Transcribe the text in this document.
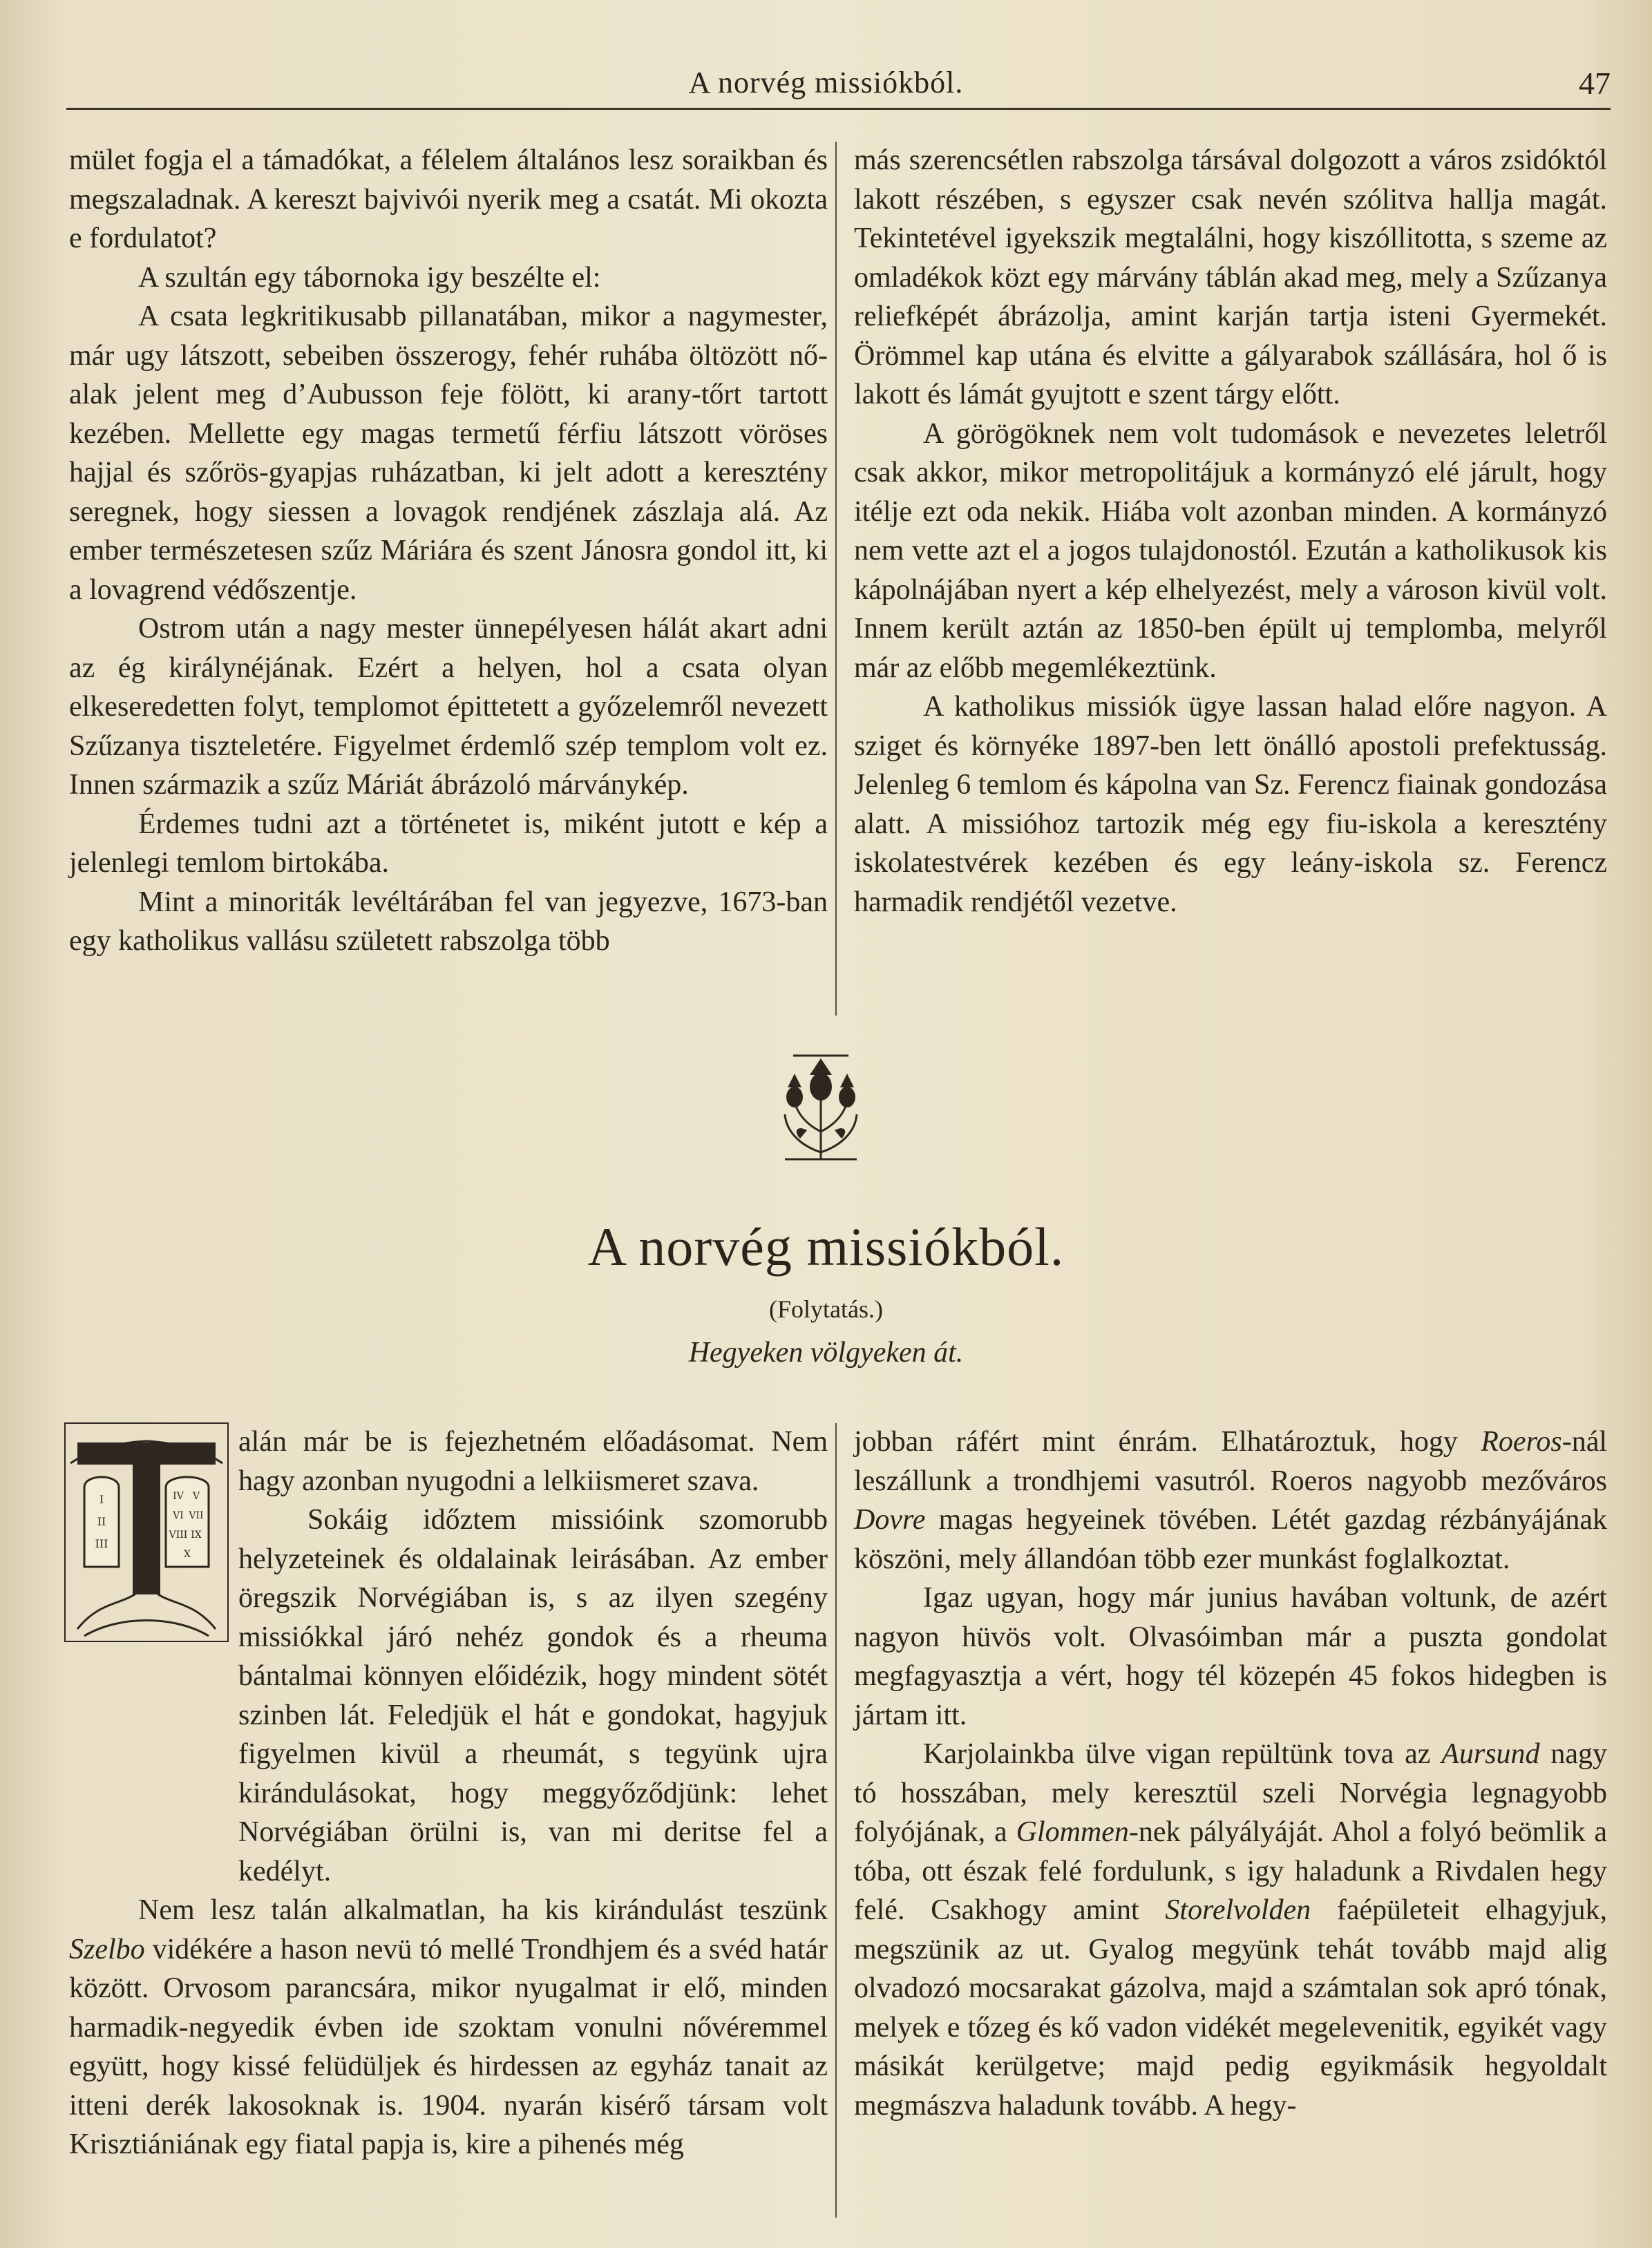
A norvég missiókból.	47

mület fogja el a támadókat, a félelem általános lesz soraikban és megszaladnak. A kereszt bajvivói nyerik meg a csatát. Mi okozta e fordulatot?

A szultán egy tábornoka igy beszélte el:

A csata legkritikusabb pillanatában, mikor a nagymester, már ugy látszott, sebeiben összerogy, fehér ruhába öltözött nő-alak jelent meg d’Aubusson feje fölött, ki arany-tőrt tartott kezében. Mellette egy magas termetű férfiu látszott vöröses hajjal és szőrös-gyapjas ruházatban, ki jelt adott a keresztény seregnek, hogy siessen a lovagok rendjének zászlaja alá. Az ember természetesen szűz Máriára és szent Jánosra gondol itt, ki a lovagrend védőszentje.

Ostrom után a nagy mester ünnepélyesen hálát akart adni az ég királynéjának. Ezért a helyen, hol a csata olyan elkeseredetten folyt, templomot épittetett a győzelemről nevezett Szűzanya tiszteletére. Figyelmet érdemlő szép templom volt ez. Innen származik a szűz Máriát ábrázoló márványkép.

Érdemes tudni azt a történetet is, miként jutott e kép a jelenlegi temlom birtokába.

Mint a minoriták levéltárában fel van jegyezve, 1673-ban egy katholikus vallásu született rabszolga több

más szerencsétlen rabszolga társával dolgozott a város zsidóktól lakott részében, s egyszer csak nevén szólitva hallja magát. Tekintetével igyekszik megtalálni, hogy kiszóllitotta, s szeme az omladékok közt egy márvány táblán akad meg, mely a Szűzanya reliefképét ábrázolja, amint karján tartja isteni Gyermekét. Örömmel kap utána és elvitte a gályarabok szállására, hol ő is lakott és lámát gyujtott e szent tárgy előtt.

A görögöknek nem volt tudomások e nevezetes leletről csak akkor, mikor metropolitájuk a kormányzó elé járult, hogy itélje ezt oda nekik. Hiába volt azonban minden. A kormányzó nem vette azt el a jogos tulajdonostól. Ezután a katholikusok kis kápolnájában nyert a kép elhelyezést, mely a városon kivül volt. Innem került aztán az 1850-ben épült uj templomba, melyről már az előbb megemlékeztünk.

A katholikus missiók ügye lassan halad előre nagyon. A sziget és környéke 1897-ben lett önálló apostoli prefektusság. Jelenleg 6 temlom és kápolna van Sz. Ferencz fiainak gondozása alatt. A missióhoz tartozik még egy fiu-iskola a keresztény iskolatestvérek kezében és egy leány-iskola sz. Ferencz harmadik rendjétől vezetve.

A norvég missiókból.
(Folytatás.)
Hegyeken völgyeken át.
I
II
III
IV V
VI VII
VIII IX
X
T	alán már be is fejezhetném előadásomat. Nem hagy azonban nyugodni a lelkiismeret szava.

Sokáig időztem missióink szomorubb helyzeteinek és oldalainak leirásában. Az ember öregszik Norvégiában is, s az ilyen szegény missiókkal járó nehéz gondok és a rheuma bántalmai könnyen előidézik, hogy mindent sötét szinben lát. Feledjük el hát e gondokat, hagyjuk figyelmen kivül a rheumát, s tegyünk ujra kirándulásokat, hogy meggyőződjünk: lehet Norvégiában örülni is, van mi deritse fel a kedélyt.

Nem lesz talán alkalmatlan, ha kis kirándulást teszünk Szelbo vidékére a hason nevü tó mellé Trondhjem és a svéd határ között. Orvosom parancsára, mikor nyugalmat ir elő, minden harmadik-negyedik évben ide szoktam vonulni nővéremmel együtt, hogy kissé felüdüljek és hirdessen az egyház tanait az itteni derék lakosoknak is. 1904. nyarán kisérő társam volt Krisztiániának egy fiatal papja is, kire a pihenés még

jobban ráfért mint énrám. Elhatároztuk, hogy Roeros-nál leszállunk a trondhjemi vasutról. Roeros nagyobb mezőváros Dovre magas hegyeinek tövében. Létét gazdag rézbányájának köszöni, mely állandóan több ezer munkást foglalkoztat.

Igaz ugyan, hogy már junius havában voltunk, de azért nagyon hüvös volt. Olvasóimban már a puszta gondolat megfagyasztja a vért, hogy tél közepén 45 fokos hidegben is jártam itt.

Karjolainkba ülve vigan repültünk tova az Aursund nagy tó hosszában, mely keresztül szeli Norvégia legnagyobb folyójának, a Glommen-nek pályályáját. Ahol a folyó beömlik a tóba, ott észak felé fordulunk, s igy haladunk a Rivdalen hegy felé. Csakhogy amint Storelvolden faépületeit elhagyjuk, megszünik az ut. Gyalog megyünk tehát tovább majd alig olvadozó mocsarakat gázolva, majd a számtalan sok apró tónak, melyek e tőzeg és kő vadon vidékét megelevenitik, egyikét vagy másikát kerülgetve; majd pedig egyikmásik hegyoldalt megmászva haladunk tovább. A hegy-
